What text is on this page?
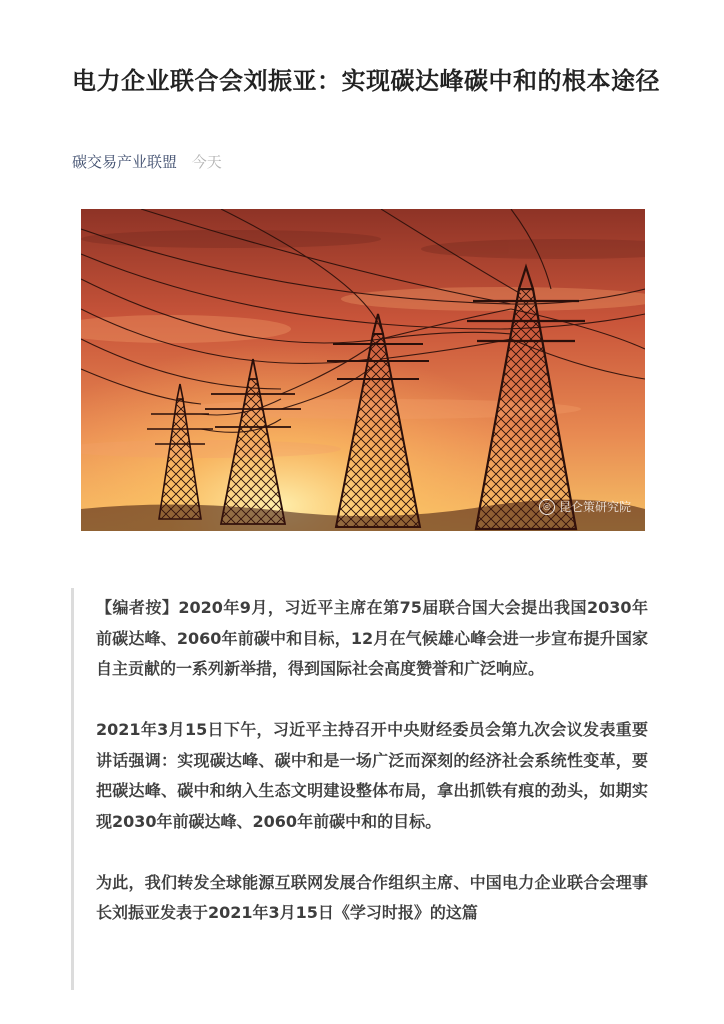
电力企业联合会刘振亚：实现碳达峰碳中和的根本途径
碳交易产业联盟 今天
◎ 昆仑策研究院

【编者按】2020年9月，习近平主席在第75届联合国大会提出我国2030年前碳达峰、2060年前碳中和目标，12月在气候雄心峰会进一步宣布提升国家自主贡献的一系列新举措，得到国际社会高度赞誉和广泛响应。

2021年3月15日下午，习近平主持召开中央财经委员会第九次会议发表重要讲话强调：实现碳达峰、碳中和是一场广泛而深刻的经济社会系统性变革，要把碳达峰、碳中和纳入生态文明建设整体布局，拿出抓铁有痕的劲头，如期实现2030年前碳达峰、2060年前碳中和的目标。

为此，我们转发全球能源互联网发展合作组织主席、中国电力企业联合会理事长刘振亚发表于2021年3月15日《学习时报》的这篇
